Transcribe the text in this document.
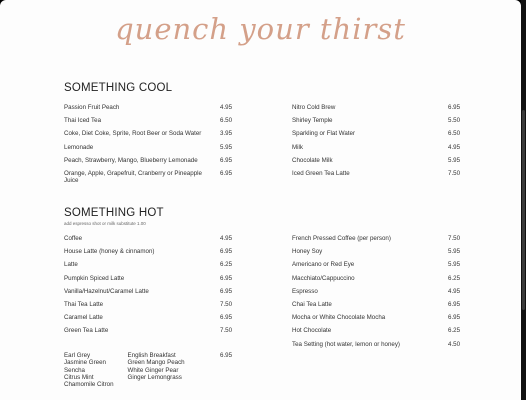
quench your thirst
SOMETHING COOL
Passion Fruit Peach	4.95
Thai Iced Tea	6.50
Coke, Diet Coke, Sprite, Root Beer or Soda Water	3.95
Lemonade	5.95
Peach, Strawberry, Mango, Blueberry Lemonade	6.95
Orange, Apple, Grapefruit, Cranberry or Pineapple Juice
6.95
Nitro Cold Brew	6.95
Shirley Temple	5.50
Sparkling or Flat Water	6.50
Milk	4.95
Chocolate Milk	5.95
Iced Green Tea Latte	7.50
SOMETHING HOT
add espresso shot or milk substitute 1.00
Coffee	4.95
House Latte (honey & cinnamon)	6.95
Latte	6.25
Pumpkin Spiced Latte	6.95
Vanilla/Hazelnut/Caramel Latte	6.95
Thai Tea Latte	7.50
Caramel Latte	6.95
Green Tea Latte	7.50
French Pressed Coffee (per person)	7.50
Honey Soy	5.95
Americano or Red Eye	5.95
Macchiato/Cappuccino	6.25
Espresso	4.95
Chai Tea Latte	6.95
Mocha or White Chocolate Mocha	6.95
Hot Chocolate	6.25
Tea Setting (hot water, lemon or honey)	4.50
Earl Grey
Jasmine Green
Sencha
Citrus Mint
Chamomile Citron
English Breakfast
Green Mango Peach
White Ginger Pear
Ginger Lemongrass
6.95
